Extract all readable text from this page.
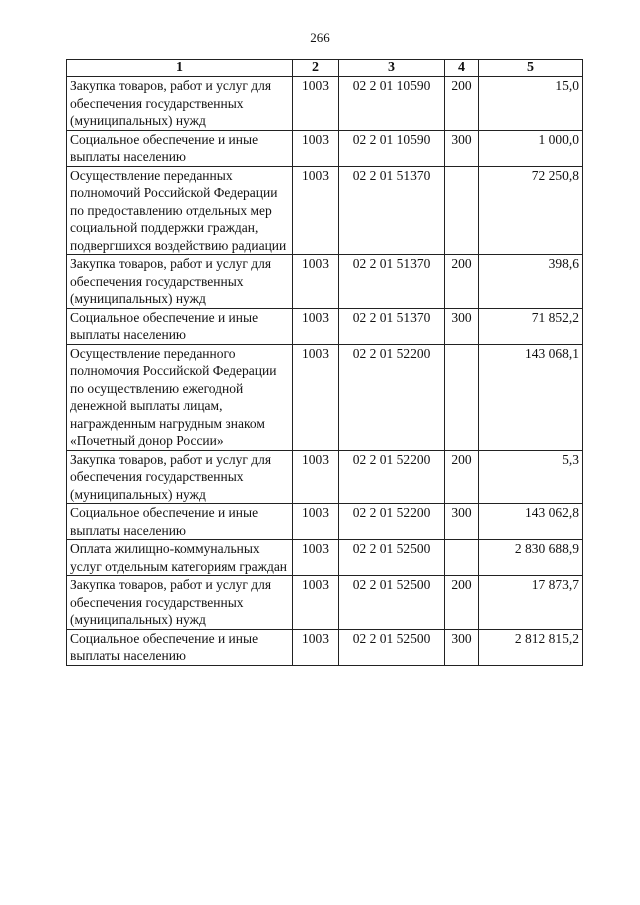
266
1	2	3	4	5
Закупка товаров, работ и услуг для обеспечения государственных (муниципальных) нужд	1003	02 2 01 10590	200	15,0
Социальное обеспечение и иные выплаты населению	1003	02 2 01 10590	300	1 000,0
Осуществление переданных полномочий Российской Федерации по предоставлению отдельных мер социальной поддержки граждан, подвергшихся воздействию радиации	1003	02 2 01 51370		72 250,8
Закупка товаров, работ и услуг для обеспечения государственных (муниципальных) нужд	1003	02 2 01 51370	200	398,6
Социальное обеспечение и иные выплаты населению	1003	02 2 01 51370	300	71 852,2
Осуществление переданного полномочия Российской Федерации по осуществлению ежегодной денежной выплаты лицам, награжденным нагрудным знаком «Почетный донор России»	1003	02 2 01 52200		143 068,1
Закупка товаров, работ и услуг для обеспечения государственных (муниципальных) нужд	1003	02 2 01 52200	200	5,3
Социальное обеспечение и иные выплаты населению	1003	02 2 01 52200	300	143 062,8
Оплата жилищно-коммунальных услуг отдельным категориям граждан	1003	02 2 01 52500		2 830 688,9
Закупка товаров, работ и услуг для обеспечения государственных (муниципальных) нужд	1003	02 2 01 52500	200	17 873,7
Социальное обеспечение и иные выплаты населению	1003	02 2 01 52500	300	2 812 815,2
